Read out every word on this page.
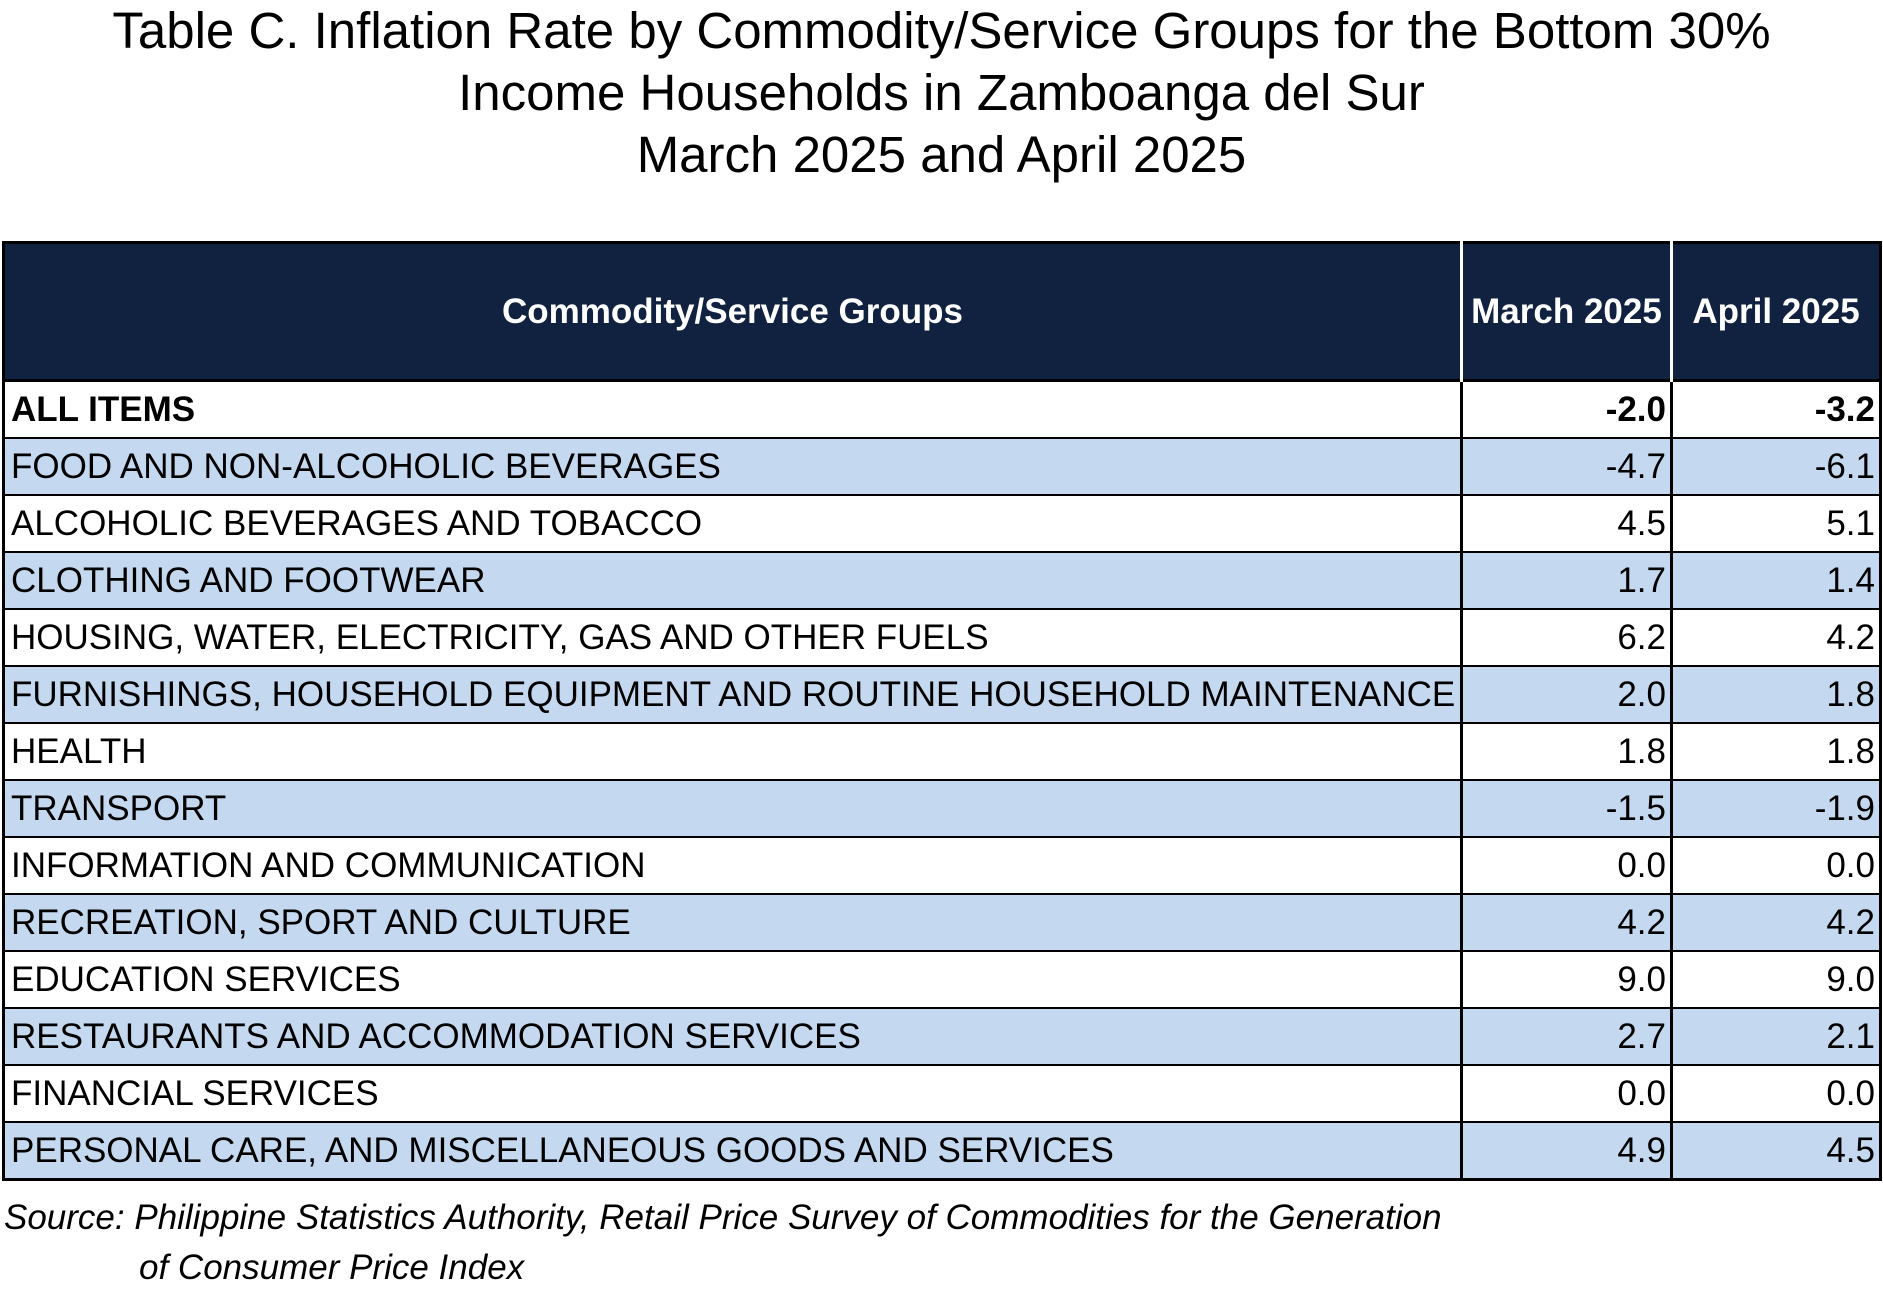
Table C. Inflation Rate by Commodity/Service Groups for the Bottom 30%
Income Households in Zamboanga del Sur
March 2025 and April 2025
Commodity/Service Groups	March 2025	April 2025
ALL ITEMS	-2.0	-3.2
FOOD AND NON-ALCOHOLIC BEVERAGES	-4.7	-6.1
ALCOHOLIC BEVERAGES AND TOBACCO	4.5	5.1
CLOTHING AND FOOTWEAR	1.7	1.4
HOUSING, WATER, ELECTRICITY, GAS AND OTHER FUELS	6.2	4.2
FURNISHINGS, HOUSEHOLD EQUIPMENT AND ROUTINE HOUSEHOLD MAINTENANCE	2.0	1.8
HEALTH	1.8	1.8
TRANSPORT	-1.5	-1.9
INFORMATION AND COMMUNICATION	0.0	0.0
RECREATION, SPORT AND CULTURE	4.2	4.2
EDUCATION SERVICES	9.0	9.0
RESTAURANTS AND ACCOMMODATION SERVICES	2.7	2.1
FINANCIAL SERVICES	0.0	0.0
PERSONAL CARE, AND MISCELLANEOUS GOODS AND SERVICES	4.9	4.5
Source: Philippine Statistics Authority, Retail Price Survey of Commodities for the Generation
of Consumer Price Index
